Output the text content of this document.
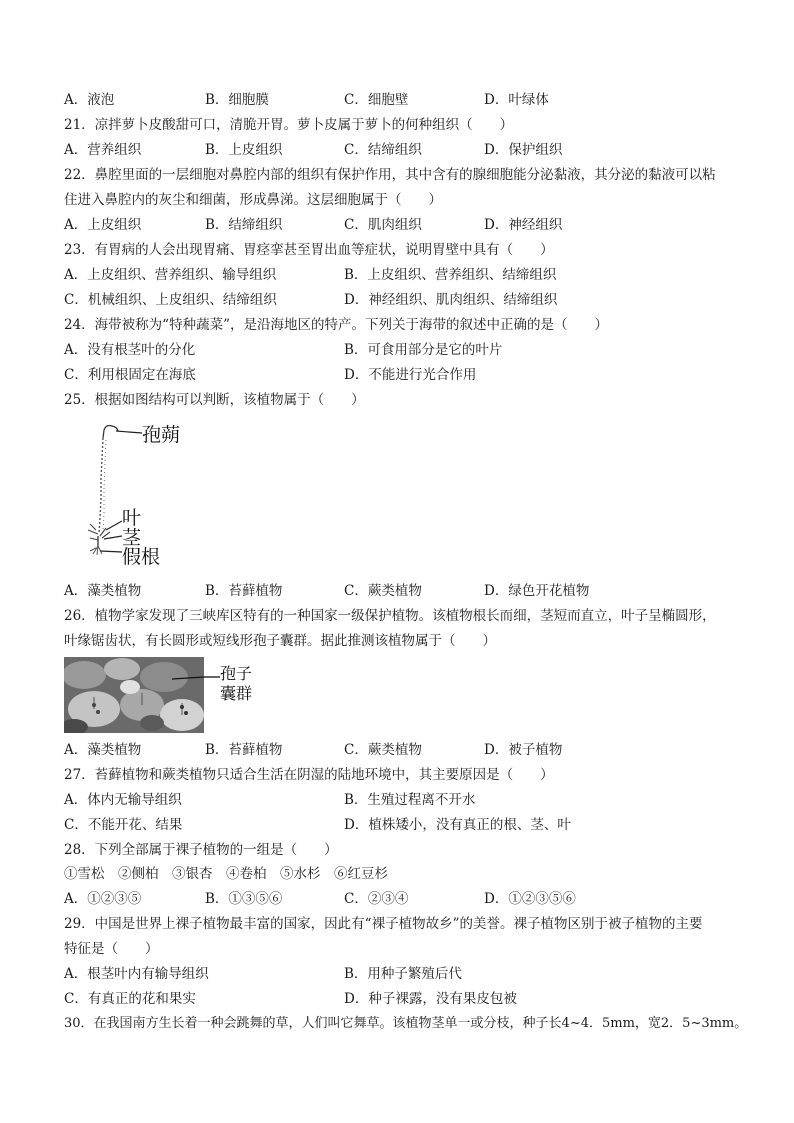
A．液泡	B．细胞膜	C．细胞壁	D．叶绿体
21．凉拌萝卜皮酸甜可口，清脆开胃。萝卜皮属于萝卜的何种组织（　　）
A．营养组织	B．上皮组织	C．结缔组织	D．保护组织
22．鼻腔里面的一层细胞对鼻腔内部的组织有保护作用，其中含有的腺细胞能分泌黏液，其分泌的黏液可以粘
住进入鼻腔内的灰尘和细菌，形成鼻涕。这层细胞属于（　　）
A．上皮组织	B．结缔组织	C．肌肉组织	D．神经组织
23．有胃病的人会出现胃痛、胃痉挛甚至胃出血等症状，说明胃壁中具有（　　）
A．上皮组织、营养组织、输导组织	B．上皮组织、营养组织、结缔组织
C．机械组织、上皮组织、结缔组织	D．神经组织、肌肉组织、结缔组织
24．海带被称为“特种蔬菜”，是沿海地区的特产。下列关于海带的叙述中正确的是（　　）
A．没有根茎叶的分化	B．可食用部分是它的叶片
C．利用根固定在海底	D．不能进行光合作用
25．根据如图结构可以判断，该植物属于（　　）
孢蒴
叶
茎
假根
A．藻类植物	B．苔藓植物	C．蕨类植物	D．绿色开花植物
26．植物学家发现了三峡库区特有的一种国家一级保护植物。该植物根长而细，茎短而直立，叶子呈椭圆形，
叶缘锯齿状，有长圆形或短线形孢子囊群。据此推测该植物属于（　　）
孢子
囊群
A．藻类植物	B．苔藓植物	C．蕨类植物	D．被子植物
27．苔藓植物和蕨类植物只适合生活在阴湿的陆地环境中，其主要原因是（　　）
A．体内无输导组织	B．生殖过程离不开水
C．不能开花、结果	D．植株矮小，没有真正的根、茎、叶
28．下列全部属于裸子植物的一组是（　　）
①雪松　②侧柏　③银杏　④卷柏　⑤水杉　⑥红豆杉
A．①②③⑤	B．①③⑤⑥	C．②③④	D．①②③⑤⑥
29．中国是世界上裸子植物最丰富的国家，因此有“裸子植物故乡”的美誉。裸子植物区别于被子植物的主要
特征是（　　）
A．根茎叶内有输导组织	B．用种子繁殖后代
C．有真正的花和果实	D．种子裸露，没有果皮包被
30．在我国南方生长着一种会跳舞的草，人们叫它舞草。该植物茎单一或分枝，种子长4~4．5mm，宽2．5~3mm。
